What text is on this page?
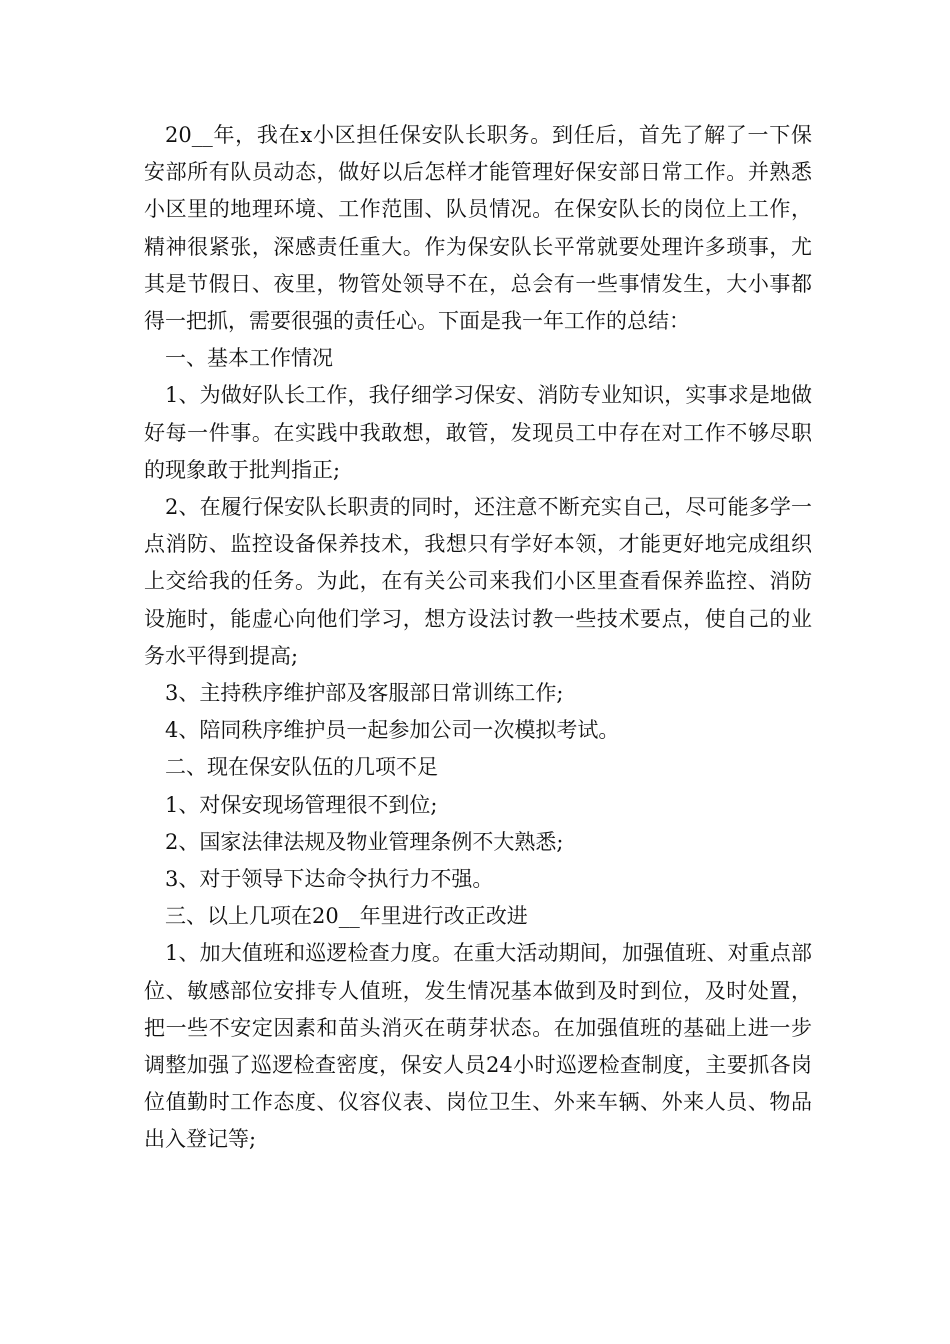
20__年，我在x小区担任保安队长职务。到任后，首先了解了一下保安部所有队员动态，做好以后怎样才能管理好保安部日常工作。并熟悉小区里的地理环境、工作范围、队员情况。在保安队长的岗位上工作，精神很紧张，深感责任重大。作为保安队长平常就要处理许多琐事，尤其是节假日、夜里，物管处领导不在，总会有一些事情发生，大小事都得一把抓，需要很强的责任心。下面是我一年工作的总结：

一、基本工作情况

1、为做好队长工作，我仔细学习保安、消防专业知识，实事求是地做好每一件事。在实践中我敢想，敢管，发现员工中存在对工作不够尽职的现象敢于批判指正;

2、在履行保安队长职责的同时，还注意不断充实自己，尽可能多学一点消防、监控设备保养技术，我想只有学好本领，才能更好地完成组织上交给我的任务。为此，在有关公司来我们小区里查看保养监控、消防设施时，能虚心向他们学习，想方设法讨教一些技术要点，使自己的业务水平得到提高;

3、主持秩序维护部及客服部日常训练工作;

4、陪同秩序维护员一起参加公司一次模拟考试。

二、现在保安队伍的几项不足

1、对保安现场管理很不到位;

2、国家法律法规及物业管理条例不大熟悉;

3、对于领导下达命令执行力不强。

三、以上几项在20__年里进行改正改进

1、加大值班和巡逻检查力度。在重大活动期间，加强值班、对重点部位、敏感部位安排专人值班，发生情况基本做到及时到位，及时处置，把一些不安定因素和苗头消灭在萌芽状态。在加强值班的基础上进一步调整加强了巡逻检查密度，保安人员24小时巡逻检查制度，主要抓各岗位值勤时工作态度、仪容仪表、岗位卫生、外来车辆、外来人员、物品出入登记等;
